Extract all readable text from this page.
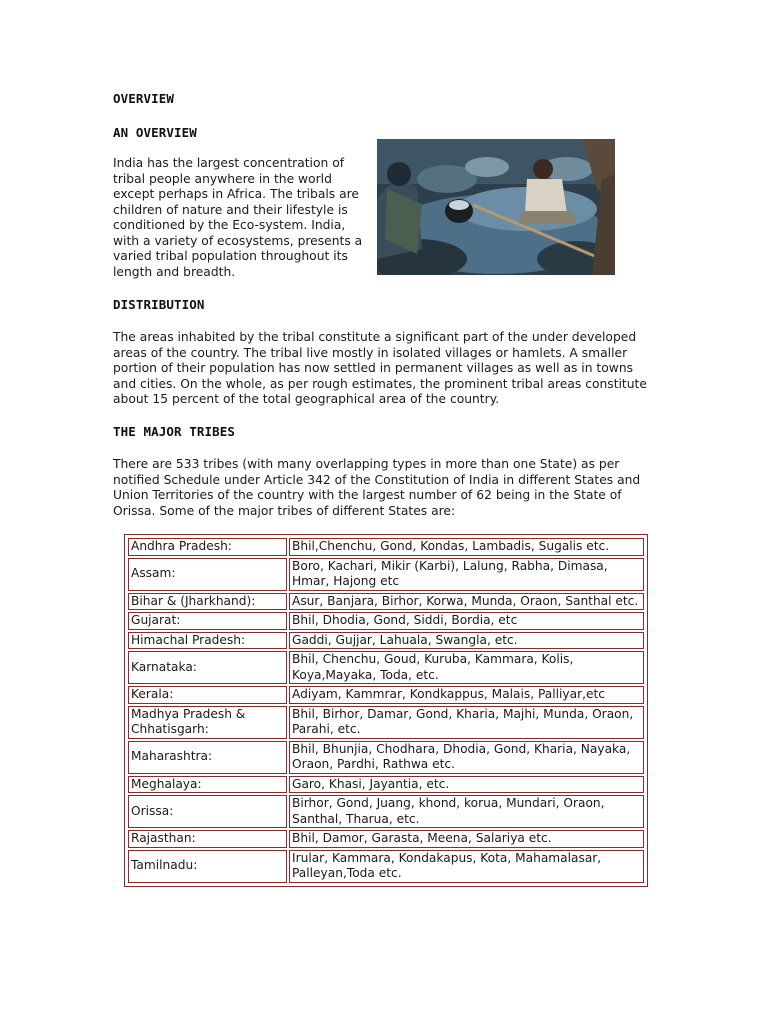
OVERVIEW
AN OVERVIEW

India has the largest concentration of tribal people anywhere in the world except perhaps in Africa. The tribals are children of nature and their lifestyle is conditioned by the Eco-system. India, with a variety of ecosystems, presents a varied tribal population throughout its length and breadth.

DISTRIBUTION

The areas inhabited by the tribal constitute a significant part of the under developed areas of the country. The tribal live mostly in isolated villages or hamlets. A smaller portion of their population has now settled in permanent villages as well as in towns and cities. On the whole, as per rough estimates, the prominent tribal areas constitute about 15 percent of the total geographical area of the country.

THE MAJOR TRIBES

There are 533 tribes (with many overlapping types in more than one State) as per notified Schedule under Article 342 of the Constitution of India in different States and Union Territories of the country with the largest number of 62 being in the State of Orissa. Some of the major tribes of different States are:

Andhra Pradesh:	Bhil,Chenchu, Gond, Kondas, Lambadis, Sugalis etc.
Assam:	Boro, Kachari, Mikir (Karbi), Lalung, Rabha, Dimasa, Hmar, Hajong etc
Bihar & (Jharkhand):	Asur, Banjara, Birhor, Korwa, Munda, Oraon, Santhal etc.
Gujarat:	Bhil, Dhodia, Gond, Siddi, Bordia, etc
Himachal Pradesh:	Gaddi, Gujjar, Lahuala, Swangla, etc.
Karnataka:	Bhil, Chenchu, Goud, Kuruba, Kammara, Kolis, Koya,Mayaka, Toda, etc.
Kerala:	Adiyam, Kammrar, Kondkappus, Malais, Palliyar,etc
Madhya Pradesh & Chhatisgarh:	Bhil, Birhor, Damar, Gond, Kharia, Majhi, Munda, Oraon, Parahi, etc.
Maharashtra:	Bhil, Bhunjia, Chodhara, Dhodia, Gond, Kharia, Nayaka, Oraon, Pardhi, Rathwa etc.
Meghalaya:	Garo, Khasi, Jayantia, etc.
Orissa:	Birhor, Gond, Juang, khond, korua, Mundari, Oraon, Santhal, Tharua, etc.
Rajasthan:	Bhil, Damor, Garasta, Meena, Salariya etc.
Tamilnadu:	Irular, Kammara, Kondakapus, Kota, Mahamalasar, Palleyan,Toda etc.
